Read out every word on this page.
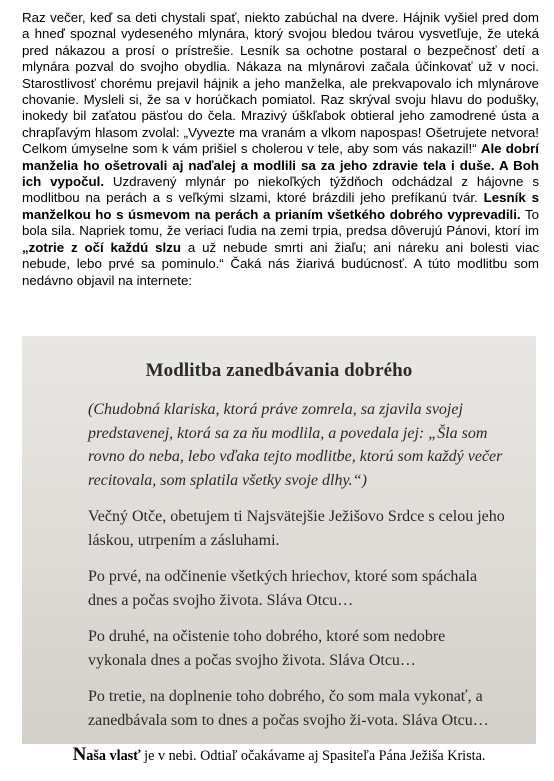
Raz večer, keď sa deti chystali spať, niekto zabúchal na dvere. Hájnik vyšiel pred dom a hneď spoznal vydeseného mlynára, ktorý svojou bledou tvárou vysvetľuje, že uteká pred nákazou a prosí o prístrešie. Lesník sa ochotne postaral o bezpečnosť detí a mlynára pozval do svojho obydlia. Nákaza na mlynárovi začala účinkovať už v noci. Starostlivosť chorému prejavil hájnik a jeho manželka, ale prekvapovalo ich mlynárove chovanie. Mysleli si, že sa v horúčkach pomiatol. Raz skrýval svoju hlavu do podušky, inokedy bil zaťatou päsťou do čela. Mrazivý úškľabok obtieral jeho zamodrené ústa a chrapľavým hlasom zvolal: „Vyvezte ma vranám a vlkom napospas! Ošetrujete netvora! Celkom úmyselne som k vám prišiel s cholerou v tele, aby som vás nakazil!“ Ale dobrí manželia ho ošetrovali aj naďalej a modlili sa za jeho zdravie tela i duše. A Boh ich vypočul. Uzdravený mlynár po niekoľkých týždňoch odchádzal z hájovne s modlitbou na perách a s veľkými slzami, ktoré brázdili jeho prefíkanú tvár. Lesník s manželkou ho s úsmevom na perách a prianím všetkého dobrého vyprevadili. To bola sila. Napriek tomu, že veriaci ľudia na zemi trpia, predsa dôverujú Pánovi, ktorí im „zotrie z očí každú slzu a už nebude smrti ani žiaľu; ani náreku ani bolesti viac nebude, lebo prvé sa pominulo.“ Čaká nás žiarivá budúcnosť. A túto modlitbu som nedávno objavil na internete:
Modlitba zanedbávania dobrého

(Chudobná klariska, ktorá práve zomrela, sa zjavila svojej predstavenej, ktorá sa za ňu modlila, a povedala jej: „Šla som rovno do neba, lebo vďaka tejto modlitbe, ktorú som každý večer recitovala, som splatila všetky svoje dlhy.“)

Večný Otče, obetujem ti Najsvätejšie Ježišovo Srdce s celou jeho láskou, utrpením a zásluhami.

Po prvé, na odčinenie všetkých hriechov, ktoré som spáchala dnes a počas svojho života. Sláva Otcu…

Po druhé, na očistenie toho dobrého, ktoré som nedobre vykonala dnes a počas svojho života. Sláva Otcu…

Po tretie, na doplnenie toho dobrého, čo som mala vykonať, a zanedbávala som to dnes a počas svojho ži-vota. Sláva Otcu…

Naša vlasť je v nebi. Odtiaľ očakávame aj Spasiteľa Pána Ježiša Krista.
